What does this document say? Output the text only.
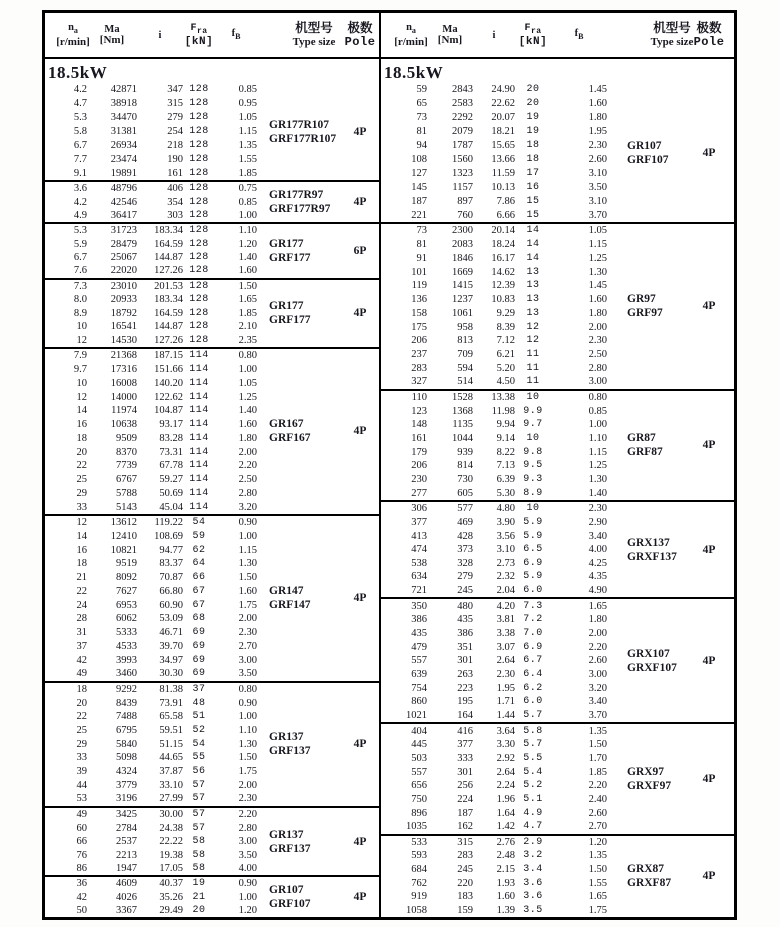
$n_a$
[r/min]
Ma
[Nm]	i
$F_{ra}$
[kN]
$f_B$
机型号
Type size
极数
Pole
18.5kW
4.2	42871	347 128	0.85
4.7	38918	315 128	0.95
5.3	34470	279 128	1.05
5.8	31381	254 128	1.15
6.7	26934	218 128	1.35
7.7	23474	190 128	1.55
9.1	19891	161 128	1.85
GR177R107
GRF177R107
4P
3.6	48796	406 128	0.75
4.2	42546	354 128	0.85
4.9	36417	303 128	1.00
GR177R97
GRF177R97
4P
5.3	31723	183.34 128	1.10
5.9	28479	164.59 128	1.20
6.7	25067	144.87 128	1.40
7.6	22020	127.26 128	1.60
GR177
GRF177
6P
7.3	23010	201.53 128	1.50
8.0	20933	183.34 128	1.65
8.9	18792	164.59 128	1.85
10	16541	144.87 128	2.10
12	14530	127.26 128	2.35
GR177
GRF177
4P
7.9	21368	187.15 114	0.80
9.7	17316	151.66 114	1.00
10	16008	140.20 114	1.05
12	14000	122.62 114	1.25
14	11974	104.87 114	1.40
16	10638	93.17 114	1.60
18	9509	83.28 114	1.80
20	8370	73.31 114	2.00
22	7739	67.78 114	2.20
25	6767	59.27 114	2.50
29	5788	50.69 114	2.80
33	5143	45.04 114	3.20
GR167
GRF167
4P
12	13612	119.22 54	0.90
14	12410	108.69 59	1.00
16	10821	94.77 62	1.15
18	9519	83.37 64	1.30
21	8092	70.87 66	1.50
22	7627	66.80 67	1.60
24	6953	60.90 67	1.75
28	6062	53.09 68	2.00
31	5333	46.71 69	2.30
37	4533	39.70 69	2.70
42	3993	34.97 69	3.00
49	3460	30.30 69	3.50
GR147
GRF147
4P
18	9292	81.38 37	0.80
20	8439	73.91 48	0.90
22	7488	65.58 51	1.00
25	6795	59.51 52	1.10
29	5840	51.15 54	1.30
33	5098	44.65 55	1.50
39	4324	37.87 56	1.75
44	3779	33.10 57	2.00
53	3196	27.99 57	2.30
GR137
GRF137
4P
49	3425	30.00 57	2.20
60	2784	24.38 57	2.80
66	2537	22.22 58	3.00
76	2213	19.38 58	3.50
86	1947	17.05 58	4.00
GR137
GRF137
4P
36	4609	40.37 19	0.90
42	4026	35.26 21	1.00
50	3367	29.49 20	1.20
GR107
GRF107
4P
$n_a$
[r/min]
Ma
[Nm]	i
$F_{ra}$
[kN]
$f_B$
机型号
Type size
极数
Pole
18.5kW
59	2843	24.90	20	1.45
65	2583	22.62	20	1.60
73	2292	20.07	19	1.80
81	2079	18.21	19	1.95
94	1787	15.65	18	2.30
108	1560	13.66	18	2.60
127	1323	11.59	17	3.10
145	1157	10.13	16	3.50
187	897	7.86	15	3.10
221	760	6.66	15	3.70
GR107
GRF107
4P
73	2300	20.14	14	1.05
81	2083	18.24	14	1.15
91	1846	16.17	14	1.25
101	1669	14.62	13	1.30
119	1415	12.39	13	1.45
136	1237	10.83	13	1.60
158	1061	9.29	13	1.80
175	958	8.39	12	2.00
206	813	7.12	12	2.30
237	709	6.21	11	2.50
283	594	5.20	11	2.80
327	514	4.50	11	3.00
GR97
GRF97
4P
110	1528	13.38	10	0.80
123	1368	11.98 9.9	0.85
148	1135	9.94 9.7	1.00
161	1044	9.14	10	1.10
179	939	8.22 9.8	1.15
206	814	7.13 9.5	1.25
230	730	6.39 9.3	1.30
277	605	5.30 8.9	1.40
GR87
GRF87
4P
306	577	4.80	10	2.30
377	469	3.90 5.9	2.90
413	428	3.56 5.9	3.40
474	373	3.10 6.5	4.00
538	328	2.73 6.9	4.25
634	279	2.32 5.9	4.35
721	245	2.04 6.0	4.90
GRX137
GRXF137
4P
350	480	4.20 7.3	1.65
386	435	3.81 7.2	1.80
435	386	3.38 7.0	2.00
479	351	3.07 6.9	2.20
557	301	2.64 6.7	2.60
639	263	2.30 6.4	3.00
754	223	1.95 6.2	3.20
860	195	1.71 6.0	3.40
1021	164	1.44 5.7	3.70
GRX107
GRXF107
4P
404	416	3.64 5.8	1.35
445	377	3.30 5.7	1.50
503	333	2.92 5.5	1.70
557	301	2.64 5.4	1.85
656	256	2.24 5.2	2.20
750	224	1.96 5.1	2.40
896	187	1.64 4.9	2.60
1035	162	1.42 4.7	2.70
GRX97
GRXF97
4P
533	315	2.76 2.9	1.20
593	283	2.48 3.2	1.35
684	245	2.15 3.4	1.50
762	220	1.93 3.6	1.55
919	183	1.60 3.6	1.65
1058	159	1.39 3.5	1.75
GRX87
GRXF87
4P
